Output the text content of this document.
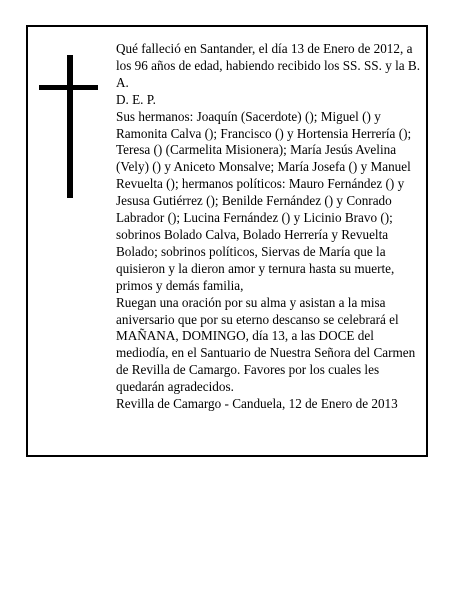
Qué falleció en Santander, el día 13 de Enero de 2012, a los 96 años de edad, habiendo recibido los SS. SS. y la B. A.

D. E. P.

Sus hermanos: Joaquín (Sacerdote) (); Miguel () y Ramonita Calva (); Francisco () y Hortensia Herrería (); Teresa () (Carmelita Misionera); María Jesús Avelina (Vely) () y Aniceto Monsalve; María Josefa () y Manuel Revuelta (); hermanos políticos: Mauro Fernández () y Jesusa Gutiérrez (); Benilde Fernández () y Conrado Labrador (); Lucina Fernández () y Licinio Bravo (); sobrinos Bolado Calva, Bolado Herrería y Revuelta Bolado; sobrinos políticos, Siervas de María que la quisieron y la dieron amor y ternura hasta su muerte, primos y demás familia,

Ruegan una oración por su alma y asistan a la misa aniversario que por su eterno descanso se celebrará el MAÑANA, DOMINGO, día 13, a las DOCE del mediodía, en el Santuario de Nuestra Señora del Carmen de Revilla de Camargo. Favores por los cuales les quedarán agradecidos.

Revilla de Camargo - Canduela, 12 de Enero de 2013
